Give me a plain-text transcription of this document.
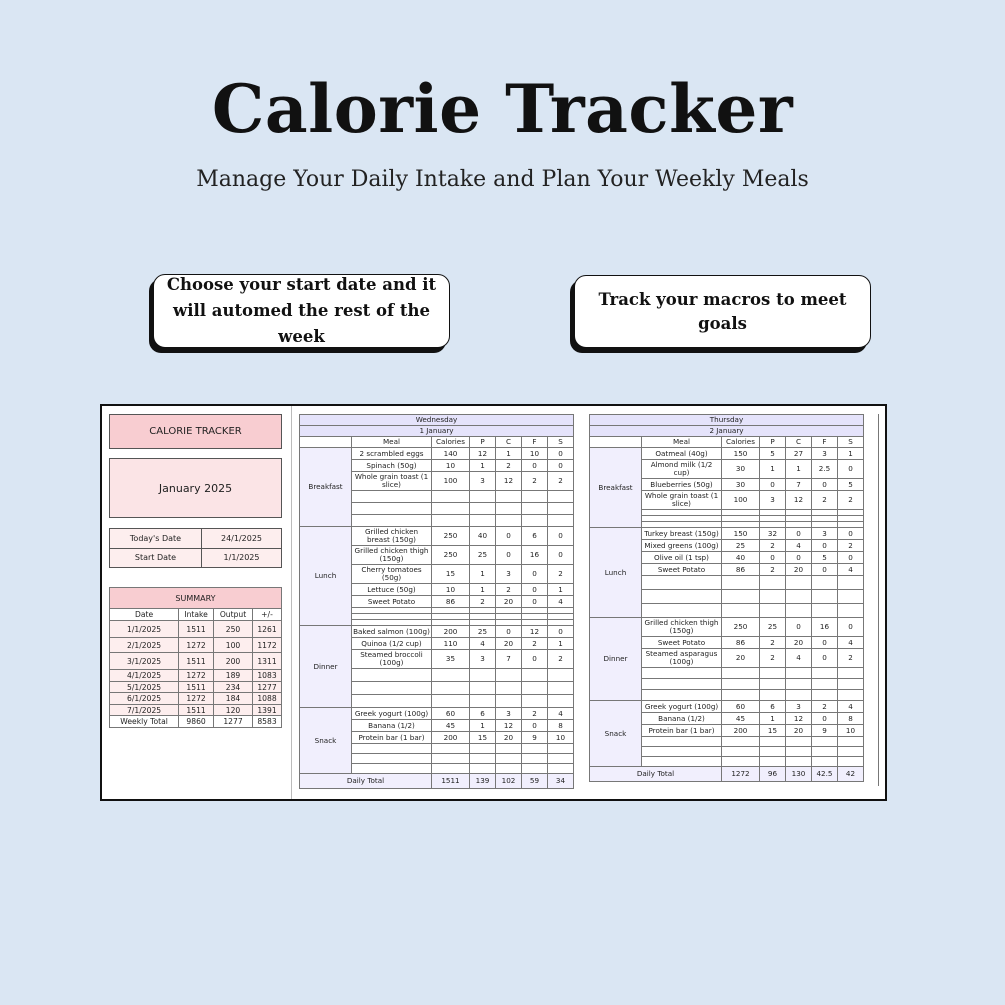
Calorie Tracker
Manage Your Daily Intake and Plan Your Weekly Meals
Choose your start date and it will automed the rest of the week
Track your macros to meet goals
CALORIE TRACKER
January 2025
Today's Date	24/1/2025
Start Date	1/1/2025
SUMMARY			
Date	Intake	Output	+/-
1/1/2025	1511	250	1261
2/1/2025	1272	100	1172
3/1/2025	1511	200	1311
4/1/2025	1272	189	1083
5/1/2025	1511	234	1277
6/1/2025	1272	184	1088
7/1/2025	1511	120	1391
Weekly Total	9860	1277	8583
Wednesday						
1 January						
	Meal	Calories	P	C	F	S
Breakfast	2 scrambled eggs	140	12	1	10	0
	Spinach (50g)	10	1	2	0	0
	Whole grain toast (1 slice)	100	3	12	2	2

Lunch	Grilled chicken breast (150g)	250	40	0	6	0
	Grilled chicken thigh (150g)	250	25	0	16	0
	Cherry tomatoes (50g)	15	1	3	0	2
	Lettuce (50g)	10	1	2	0	1
	Sweet Potato	86	2	20	0	4

Dinner	Baked salmon (100g)	200	25	0	12	0
	Quinoa (1/2 cup)	110	4	20	2	1
	Steamed broccoli (100g)	35	3	7	0	2

Snack	Greek yogurt (100g)	60	6	3	2	4
	Banana (1/2)	45	1	12	0	8
	Protein bar (1 bar)	200	15	20	9	10

Daily Total		1511	139	102	59	34
Thursday						
2 January						
	Meal	Calories	P	C	F	S
Breakfast	Oatmeal (40g)	150	5	27	3	1
	Almond milk (1/2 cup)	30	1	1	2.5	0
	Blueberries (50g)	30	0	7	0	5
	Whole grain toast (1 slice)	100	3	12	2	2

Lunch	Turkey breast (150g)	150	32	0	3	0
	Mixed greens (100g)	25	2	4	0	2
	Olive oil (1 tsp)	40	0	0	5	0
	Sweet Potato	86	2	20	0	4

Dinner	Grilled chicken thigh (150g)	250	25	0	16	0
	Sweet Potato	86	2	20	0	4
	Steamed asparagus (100g)	20	2	4	0	2

Snack	Greek yogurt (100g)	60	6	3	2	4
	Banana (1/2)	45	1	12	0	8
	Protein bar (1 bar)	200	15	20	9	10

Daily Total		1272	96	130	42.5	42
